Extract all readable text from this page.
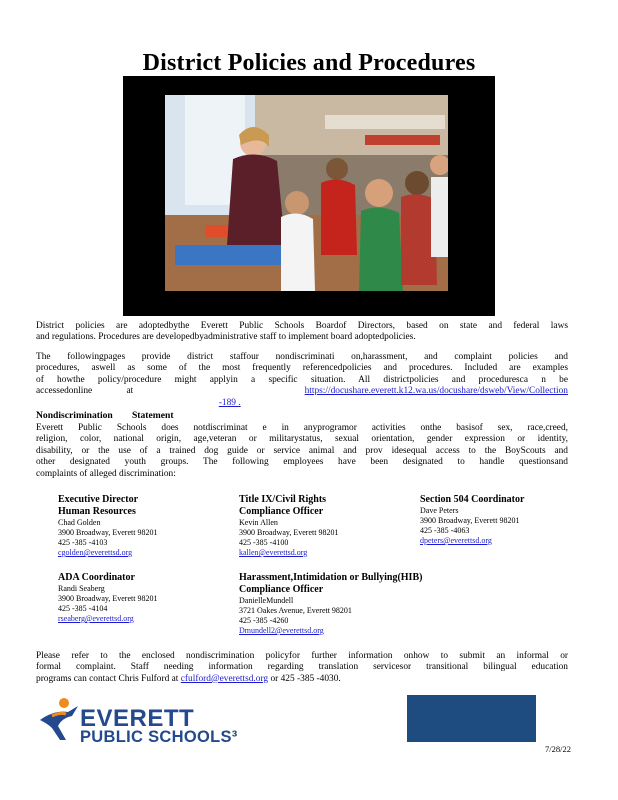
District Policies and Procedures
District policies are adoptedbythe Everett Public Schools Boardof Directors, based on state and federal laws
and regulations. Procedures are developedbyadministrative staff to implement board adoptedpolicies.
The followingpages provide district staffour nondiscriminati on,harassment, and complaint policies and
procedures, aswell as some of the most frequently referencedpolicies and procedures. Included are examples
of howthe policy/procedure might applyin a specific situation. All districtpolicies and proceduresca n be
accessedonline at	https://docushare.everett.k12.wa.us/docushare/dsweb/View/Collection                                                                               -189 .
Nondiscrimination        Statement
Everett Public Schools does notdiscriminat e in anyprogramor activities onthe basisof sex, race,creed,
religion, color, national origin, age,veteran or militarystatus, sexual orientation, gender expression or identity,
disability, or the use of a trained dog guide or service animal and prov idesequal access to the BoyScouts and
other designated youth groups. The following employees have been designated to handle questionsand
complaints of alleged discrimination:
Executive Director
Human Resources
Chad Golden
3900 Broadway, Everett 98201
425 -385 -4103
cgolden@everettsd.org
Title IX/Civil Rights
Compliance Officer
Kevin Allen
3900 Broadway, Everett 98201
425 -385 -4100
kallen@everettsd.org
Section 504 Coordinator
Dave Peters
3900 Broadway, Everett 98201
425 -385 -4063
dpeters@everettsd.org
ADA Coordinator
Randi Seaberg
3900 Broadway, Everett 98201
425 -385 -4104
rseaberg@everettsd.org
Harassment,Intimidation or Bullying(HIB)
Compliance Officer
DanielleMundell
3721 Oakes Avenue, Everett 98201
425 -385 -4260
Dmundell2@everettsd.org
Please refer to the enclosed nondiscrimination policyfor further information onhow to submit an informal or
formal complaint. Staff needing information regarding translation servicesor transitional bilingual education
programs can contact Chris Fulford at cfulford@everettsd.org or 425 -385 -4030.
EVERETT
PUBLIC SCHOOLS³
7/28/22
